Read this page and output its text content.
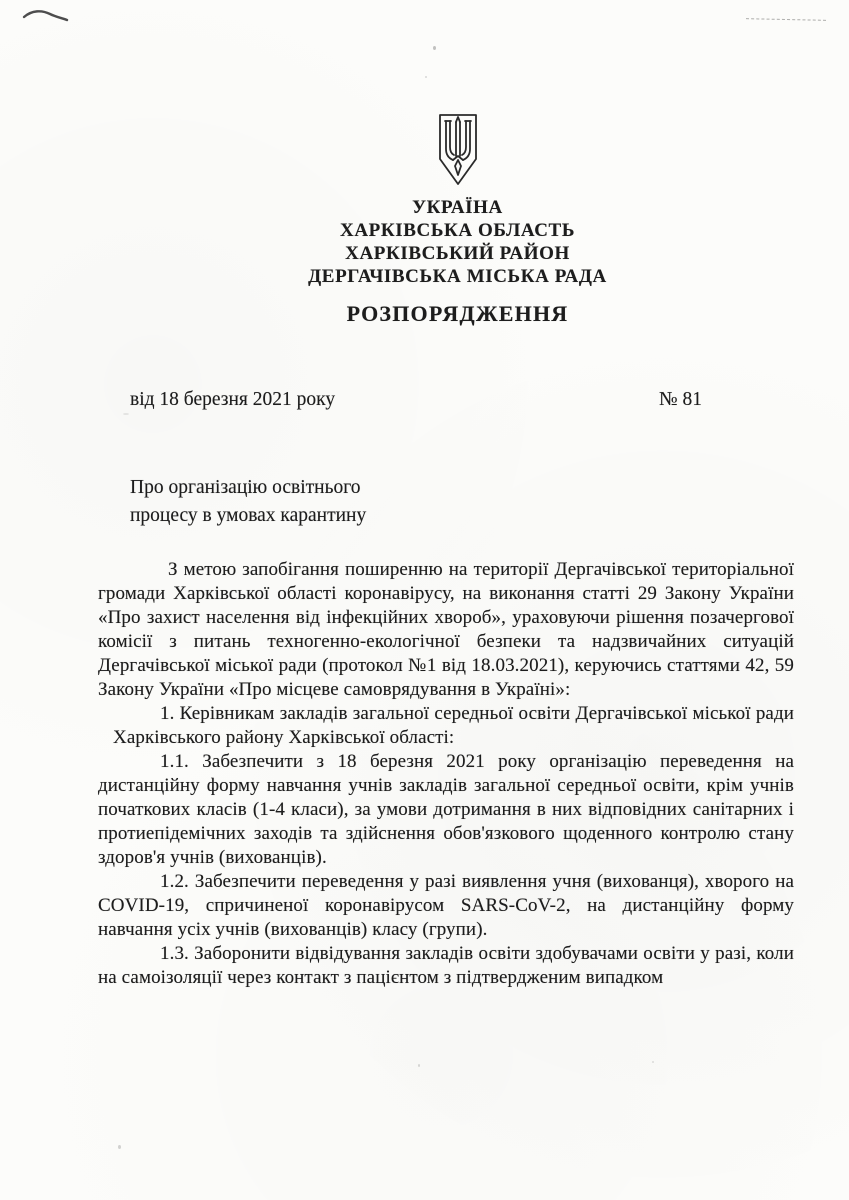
УКРАЇНА
ХАРКІВСЬКА ОБЛАСТЬ
ХАРКІВСЬКИЙ РАЙОН
ДЕРГАЧІВСЬКА МІСЬКА РАДА
РОЗПОРЯДЖЕННЯ
від 18 березня 2021 року	№ 81
Про організацію освітнього
процесу в умовах карантину

З метою запобігання поширенню на території Дергачівської територіальної громади Харківської області коронавірусу, на виконання статті 29 Закону України «Про захист населення від інфекційних хвороб», ураховуючи рішення позачергової комісії з питань техногенно-екологічної безпеки та надзвичайних ситуацій Дергачівської міської ради (протокол №1 від 18.03.2021), керуючись статтями 42, 59 Закону України «Про місцеве самоврядування в Україні»:

1. Керівникам закладів загальної середньої освіти Дергачівської міської ради Харківського району Харківської області:

1.1. Забезпечити з 18 березня 2021 року організацію переведення на дистанційну форму навчання учнів закладів загальної середньої освіти, крім учнів початкових класів (1-4 класи), за умови дотримання в них відповідних санітарних і протиепідемічних заходів та здійснення обов'язкового щоденного контролю стану здоров'я учнів (вихованців).

1.2. Забезпечити переведення у разі виявлення учня (вихованця), хворого на COVID-19, спричиненої коронавірусом SARS-CoV-2, на дистанційну форму навчання усіх учнів (вихованців) класу (групи).

1.3. Заборонити відвідування закладів освіти здобувачами освіти у разі, коли на самоізоляції через контакт з пацієнтом з підтвердженим випадком
